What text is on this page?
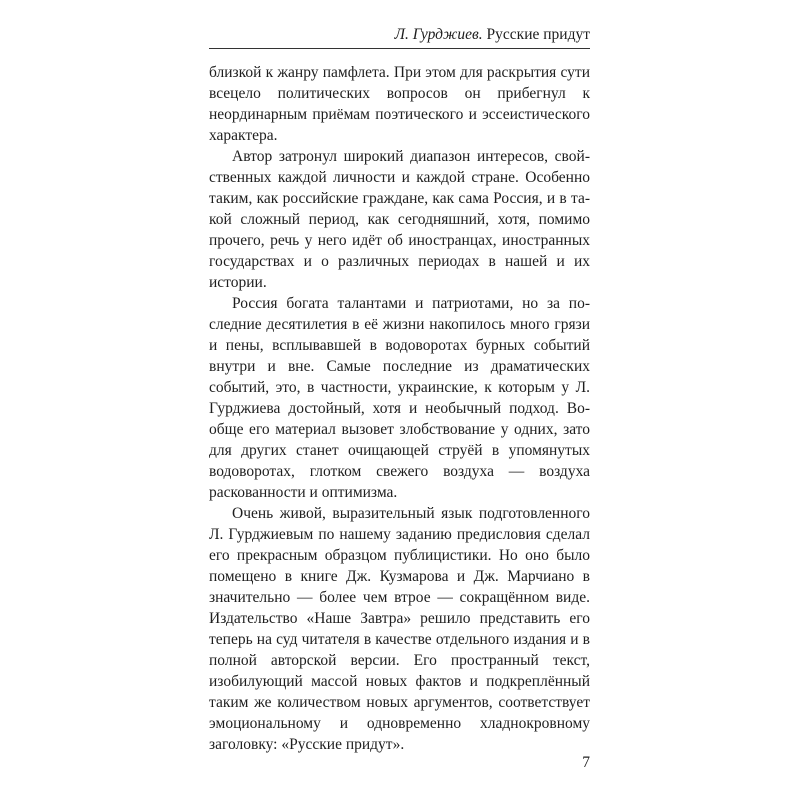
Л. Гурджиев. Русские придут

близкой к жанру памфлета. При этом для раскрытия сути всецело политических вопросов он прибегнул к неординарным приёмам поэтического и эссеистического характера.

Автор затронул широкий диапазон интересов, свойственных каждой личности и каждой стране. Особенно таким, как российские граждане, как сама Россия, и в такой сложный период, как сегодняшний, хотя, помимо прочего, речь у него идёт об иностранцах, иностранных государствах и о различных периодах в нашей и их истории.

Россия богата талантами и патриотами, но за последние десятилетия в её жизни накопилось много грязи и пены, всплывавшей в водоворотах бурных событий внутри и вне. Самые последние из драматических событий, это, в частности, украинские, к которым у Л. Гурджиева достойный, хотя и необычный подход. Вообще его материал вызовет злобствование у одних, зато для других станет очищающей струёй в упомянутых водоворотах, глотком свежего воздуха — воздуха раскованности и оптимизма.

Очень живой, выразительный язык подготовленного Л. Гурджиевым по нашему заданию предисловия сделал его прекрасным образцом публицистики. Но оно было помещено в книге Дж. Кузмарова и Дж. Марчиано в значительно — более чем втрое — сокращённом виде. Издательство «Наше Завтра» решило представить его теперь на суд читателя в качестве отдельного издания и в полной авторской версии. Его пространный текст, изобилующий массой новых фактов и подкреплённый таким же количеством новых аргументов, соответствует эмоциональному и одновременно хладнокровному заголовку: «Русские придут».

7
